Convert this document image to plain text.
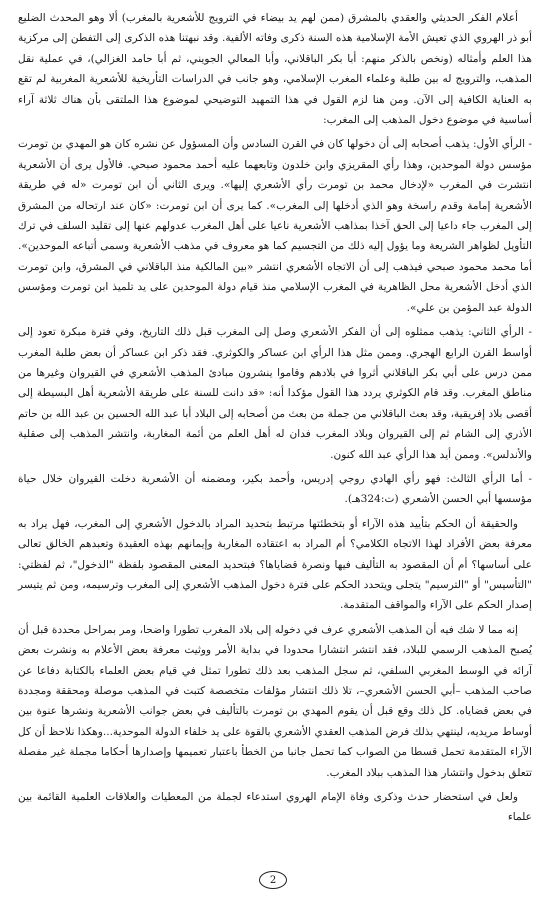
أعلام الفكر الحديثي والعقدي بالمشرق (ممن لهم يد بيضاء في الترويج للأشعرية بالمغرب) ألا وهو المحدث الضليع أبو ذر الهروي الذي تعيش الأمة الإسلامية هذه السنة ذكرى وفاته الألفية. وقد نبهتنا هذه الذكرى إلى التفطن إلى مركزية هذا العلم وأمثاله (ونخص بالذكر منهم: أبا بكر الباقلاني، وأبا المعالي الجويني، ثم أبا حامد الغزالي)، في عملية نقل المذهب، والترويج له بين طلبة وعلماء المغرب الإسلامي، وهو جانب في الدراسات التأريخية للأشعرية المغربية لم تقع به العناية الكافية إلى الآن. ومن هنا لزم القول في هذا التمهيد التوضيحي لموضوع هذا الملتقى بأن هناك ثلاثة آراء أساسية في موضوع دخول المذهب إلى المغرب:

- الرأي الأول: يذهب أصحابه إلى أن دخولها كان في القرن السادس وأن المسؤول عن نشره كان هو المهدي بن تومرت مؤسس دولة الموحدين، وهذا رأي المقريزي وابن خلدون وتابعهما عليه أحمد محمود صبحي. فالأول يرى أن الأشعرية انتشرت في المغرب «لإدخال محمد بن تومرت رأي الأشعري إليها». ويرى الثاني أن ابن تومرت «له في طريقة الأشعرية إمامة وقدم راسخة وهو الذي أدخلها إلى المغرب». كما يرى أن ابن تومرت: «كان عند ارتحاله من المشرق إلى المغرب جاء داعيا إلى الحق آخذا بمذاهب الأشعرية ناعيا على أهل المغرب عدولهم عنها إلى تقليد السلف في ترك التأويل لظواهر الشريعة وما يؤول إليه ذلك من التجسيم كما هو معروف في مذهب الأشعرية وسمى أتباعه الموحدين». أما محمد محمود صبحي فيذهب إلى أن الاتجاه الأشعري انتشر «بين المالكية منذ الباقلاني في المشرق، وابن تومرت الذي أدخل الأشعرية محل الظاهرية في المغرب الإسلامي منذ قيام دولة الموحدين على يد تلميذ ابن تومرت ومؤسس الدولة عبد المؤمن بن علي».

- الرأي الثاني: يذهب ممثلوه إلى أن الفكر الأشعري وصل إلى المغرب قبل ذلك التاريخ، وفي فترة مبكرة تعود إلى أواسط القرن الرابع الهجري. وممن مثل هذا الرأي ابن عساكر والكوثري. فقد ذكر ابن عساكر أن بعض طلبة المغرب ممن درس على أبي بكر الباقلاني أثروا في بلادهم وقاموا ينشرون مبادئ المذهب الأشعري في القيروان وغيرها من مناطق المغرب. وقد قام الكوثري يردد هذا القول مؤكدا أنه: «قد دانت للسنة على طريقة الأشعرية أهل البسيطة إلى أقصى بلاد إفريقية، وقد بعث الباقلاني من جملة من بعث من أصحابه إلى البلاد أبا عبد الله الحسين بن عبد الله بن حاتم الأذري إلى الشام ثم إلى القيروان وبلاد المغرب فدان له أهل العلم من أئمة المغاربة، وانتشر المذهب إلى صقلية والأندلس». وممن أيد هذا الرأي عبد الله كنون.

- أما الرأي الثالث: فهو رأي الهادي روجي إدريس، وأحمد بكير، ومضمنه أن الأشعرية دخلت القيروان خلال حياة مؤسسها أبي الحسن الأشعري (ت:324هـ).

والحقيقة أن الحكم بتأييد هذه الآراء أو بتخطئتها مرتبط بتحديد المراد بالدخول الأشعري إلى المغرب، فهل يراد به معرفة بعض الأفراد لهذا الاتجاه الكلامي؟ أم المراد به اعتقاده المغاربة وإيمانهم بهذه العقيدة وتعبدهم الخالق تعالى على أساسها؟ أم أن المقصود به التأليف فيها ونصرة قضاياها؟ فبتحديد المعنى المقصود بلفظة "الدخول"، ثم لفظتي: "التأسيس" أو "الترسيم" يتجلى ويتحدد الحكم على فترة دخول المذهب الأشعري إلى المغرب وترسيمه، ومن ثم يتيسر إصدار الحكم على الآراء والمواقف المتقدمة.

إنه مما لا شك فيه أن المذهب الأشعري عرف في دخوله إلى بلاد المغرب تطورا واضحا، ومر بمراحل محددة قبل أن يُصبح المذهب الرسمي للبلاد، فقد انتشر انتشارا محدودا في بداية الأمر ووثيت معرفة بعض الأعلام به ونشرت بعض آرائه في الوسط المغربي السلفي، ثم سجل المذهب بعد ذلك تطورا تمثل في قيام بعض العلماء بالكتابة دفاعا عن صاحب المذهب –أبي الحسن الأشعري–، تلا ذلك انتشار مؤلفات متخصصة كتبت في المذهب موصلة ومحققة ومجددة في بعض قضاياه. كل ذلك وقع قبل أن يقوم المهدي بن تومرت بالتأليف في بعض جوانب الأشعرية ونشرها عنوة بين أوساط مريديه، لينتهي بذلك فرض المذهب العقدي الأشعري بالقوة على يد خلفاء الدولة الموحدية...وهكذا نلاحظ أن كل الآراء المتقدمة تحمل قسطا من الصواب كما تحمل جانبا من الخطأ باعتبار تعميمها وإصدارها أحكاما مجملة غير مفصلة تتعلق بدخول وانتشار هذا المذهب ببلاد المغرب.

ولعل في استحضار حدث وذكرى وفاة الإمام الهروي استدعاء لجملة من المعطيات والعلاقات العلمية القائمة بين علماء

2
